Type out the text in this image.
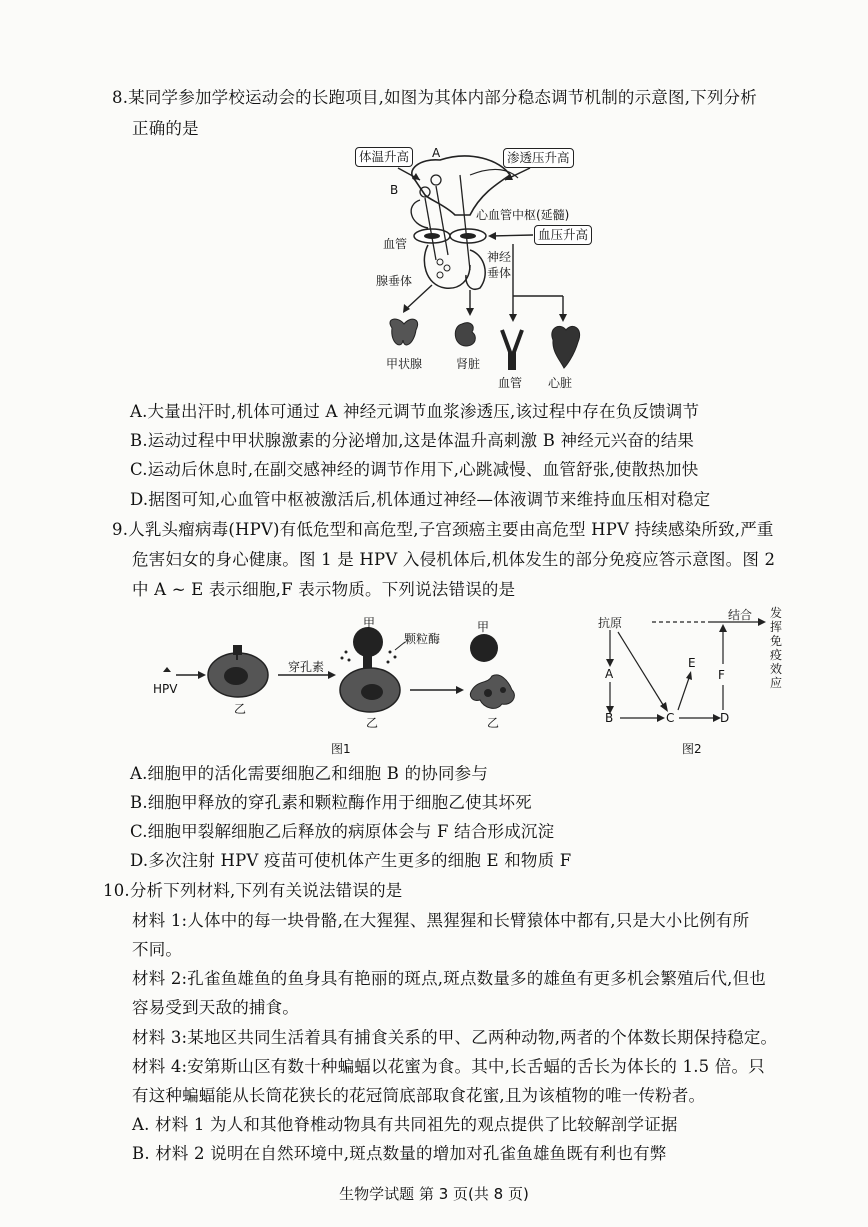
8.某同学参加学校运动会的长跑项目,如图为其体内部分稳态调节机制的示意图,下列分析
正确的是
体温升高	渗透压升高
A
B
心血管中枢(延髓)
血压升高
血管
神经
垂体
腺垂体
甲状腺	肾脏
血管 心脏
A.大量出汗时,机体可通过 A 神经元调节血浆渗透压,该过程中存在负反馈调节
B.运动过程中甲状腺激素的分泌增加,这是体温升高刺激 B 神经元兴奋的结果
C.运动后休息时,在副交感神经的调节作用下,心跳减慢、血管舒张,使散热加快
D.据图可知,心血管中枢被激活后,机体通过神经—体液调节来维持血压相对稳定
9.人乳头瘤病毒(HPV)有低危型和高危型,子宫颈癌主要由高危型 HPV 持续感染所致,严重
危害妇女的身心健康。图 1 是 HPV 入侵机体后,机体发生的部分免疫应答示意图。图 2
中 A ~ E 表示细胞,F 表示物质。下列说法错误的是
HPV
乙
甲
穿孔素
颗粒酶
乙
甲
乙
图1
抗原
结合 发挥免疫效应
A
B	C	D
E
F
图2
A.细胞甲的活化需要细胞乙和细胞 B 的协同参与
B.细胞甲释放的穿孔素和颗粒酶作用于细胞乙使其坏死
C.细胞甲裂解细胞乙后释放的病原体会与 F 结合形成沉淀
D.多次注射 HPV 疫苗可使机体产生更多的细胞 E 和物质 F
10.分析下列材料,下列有关说法错误的是
材料 1:人体中的每一块骨骼,在大猩猩、黑猩猩和长臂猿体中都有,只是大小比例有所
不同。
材料 2:孔雀鱼雄鱼的鱼身具有艳丽的斑点,斑点数量多的雄鱼有更多机会繁殖后代,但也
容易受到天敌的捕食。
材料 3:某地区共同生活着具有捕食关系的甲、乙两种动物,两者的个体数长期保持稳定。
材料 4:安第斯山区有数十种蝙蝠以花蜜为食。其中,长舌蝠的舌长为体长的 1.5 倍。只
有这种蝙蝠能从长筒花狭长的花冠筒底部取食花蜜,且为该植物的唯一传粉者。
A. 材料 1 为人和其他脊椎动物具有共同祖先的观点提供了比较解剖学证据
B. 材料 2 说明在自然环境中,斑点数量的增加对孔雀鱼雄鱼既有利也有弊
生物学试题 第 3 页(共 8 页)
